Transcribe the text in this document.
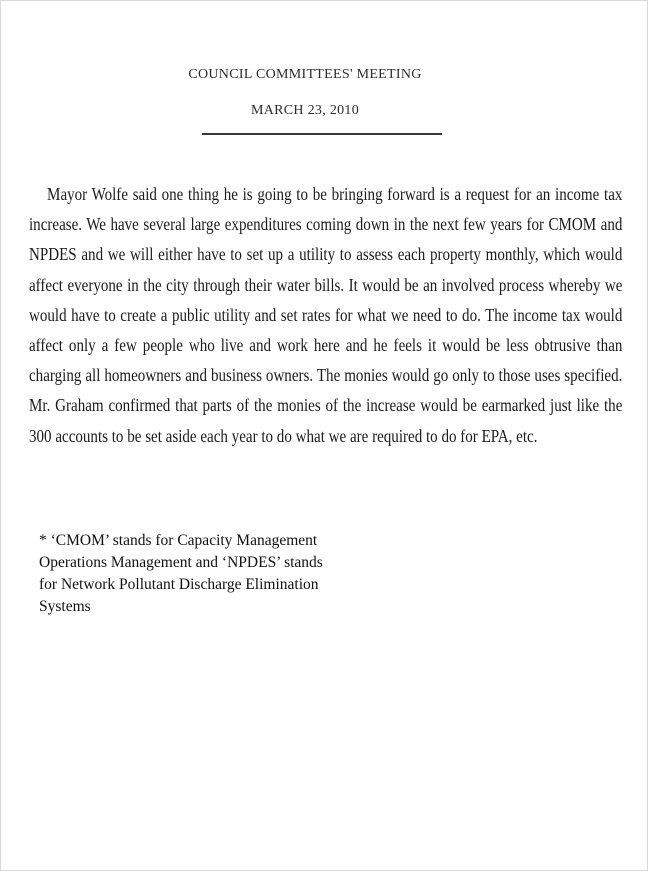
COUNCIL COMMITTEES' MEETING
MARCH 23, 2010
Mayor Wolfe said one thing he is going to be bringing forward is a request for an income tax increase. We have several large expenditures coming down in the next few years for CMOM and NPDES and we will either have to set up a utility to assess each property monthly, which would affect everyone in the city through their water bills. It would be an involved process whereby we would have to create a public utility and set rates for what we need to do. The income tax would affect only a few people who live and work here and he feels it would be less obtrusive than charging all homeowners and business owners. The monies would go only to those uses specified. Mr. Graham confirmed that parts of the monies of the increase would be earmarked just like the 300 accounts to be set aside each year to do what we are required to do for EPA, etc.
* ‘CMOM’ stands for Capacity Management Operations Management and ‘NPDES’ stands for Network Pollutant Discharge Elimination Systems
